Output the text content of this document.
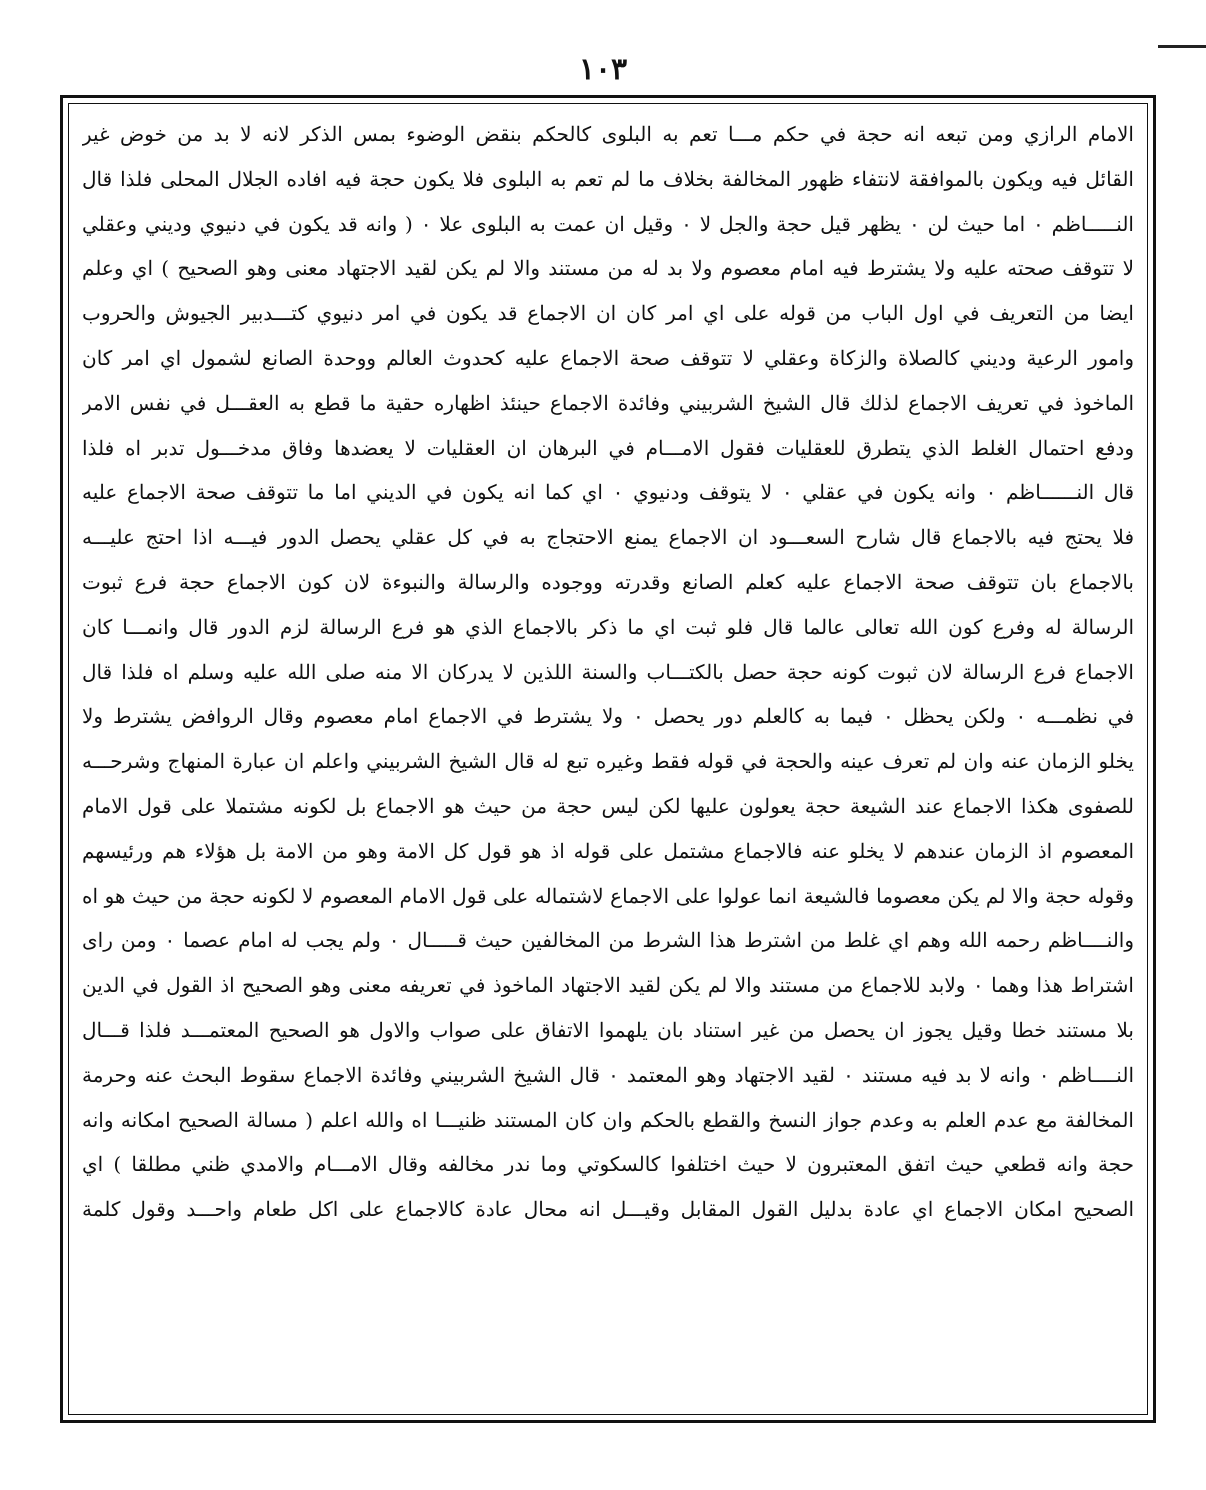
١٠٣
الامام الرازي ومن تبعه انه حجة في حكم مـــا تعم به البلوى كالحكم بنقض الوضوء بمس الذكر لانه لا بد من خوض غير
القائل فيه ويكون بالموافقة لانتفاء ظهور المخالفة بخلاف ما لم تعم به البلوى فلا يكون حجة فيه افاده الجلال المحلى فلذا قال
النـــــاظم ٠ اما حيث لن ٠ يظهر قيل حجة والجل لا ٠ وقيل ان عمت به البلوى علا ٠ ( وانه قد يكون في دنيوي وديني وعقلي
لا تتوقف صحته عليه ولا يشترط فيه امام معصوم ولا بد له من مستند والا لم يكن لقيد الاجتهاد معنى وهو الصحيح ) اي وعلم
ايضا من التعريف في اول الباب من قوله على اي امر كان ان الاجماع قد يكون في امر دنيوي كتـــدبير الجيوش والحروب
وامور الرعية وديني كالصلاة والزكاة وعقلي لا تتوقف صحة الاجماع عليه كحدوث العالم ووحدة الصانع لشمول اي امر كان
الماخوذ في تعريف الاجماع لذلك قال الشيخ الشربيني وفائدة الاجماع حينئذ اظهاره حقية ما قطع به العقـــل في نفس الامر
ودفع احتمال الغلط الذي يتطرق للعقليات فقول الامـــام في البرهان ان العقليات لا يعضدها وفاق مدخـــول تدبر اه فلذا
قال النــــــاظم ٠ وانه يكون في عقلي ٠ لا يتوقف ودنيوي ٠ اي كما انه يكون في الديني اما ما تتوقف صحة الاجماع عليه
فلا يحتج فيه بالاجماع قال شارح السعـــود ان الاجماع يمنع الاحتجاج به في كل عقلي يحصل الدور فيـــه اذا احتج عليـــه
بالاجماع بان تتوقف صحة الاجماع عليه كعلم الصانع وقدرته ووجوده والرسالة والنبوءة لان كون الاجماع حجة فرع ثبوت
الرسالة له وفرع كون الله تعالى عالما قال فلو ثبت اي ما ذكر بالاجماع الذي هو فرع الرسالة لزم الدور قال وانمـــا كان
الاجماع فرع الرسالة لان ثبوت كونه حجة حصل بالكتـــاب والسنة اللذين لا يدركان الا منه صلى الله عليه وسلم اه فلذا قال
في نظمـــه ٠ ولكن يحظل ٠ فيما به كالعلم دور يحصل ٠ ولا يشترط في الاجماع امام معصوم وقال الروافض يشترط ولا
يخلو الزمان عنه وان لم تعرف عينه والحجة في قوله فقط وغيره تبع له قال الشيخ الشربيني واعلم ان عبارة المنهاج وشرحـــه
للصفوى هكذا الاجماع عند الشيعة حجة يعولون عليها لكن ليس حجة من حيث هو الاجماع بل لكونه مشتملا على قول الامام
المعصوم اذ الزمان عندهم لا يخلو عنه فالاجماع مشتمل على قوله اذ هو قول كل الامة وهو من الامة بل هؤلاء هم ورئيسهم
وقوله حجة والا لم يكن معصوما فالشيعة انما عولوا على الاجماع لاشتماله على قول الامام المعصوم لا لكونه حجة من حيث هو اه
والنــــاظم رحمه الله وهم اي غلط من اشترط هذا الشرط من المخالفين حيث قـــــال ٠ ولم يجب له امام عصما ٠ ومن راى
اشتراط هذا وهما ٠ ولابد للاجماع من مستند والا لم يكن لقيد الاجتهاد الماخوذ في تعريفه معنى وهو الصحيح اذ القول في الدين
بلا مستند خطا وقيل يجوز ان يحصل من غير استناد بان يلهموا الاتفاق على صواب والاول هو الصحيح المعتمـــد فلذا قـــال
النــــاظم ٠ وانه لا بد فيه مستند ٠ لقيد الاجتهاد وهو المعتمد ٠ قال الشيخ الشربيني وفائدة الاجماع سقوط البحث عنه وحرمة
المخالفة مع عدم العلم به وعدم جواز النسخ والقطع بالحكم وان كان المستند ظنيـــا اه والله اعلم ( مسالة الصحيح امكانه وانه
حجة وانه قطعي حيث اتفق المعتبرون لا حيث اختلفوا كالسكوتي وما ندر مخالفه وقال الامـــام والامدي ظني مطلقا ) اي
الصحيح امكان الاجماع اي عادة بدليل القول المقابل وقيـــل انه محال عادة كالاجماع على اكل طعام واحـــد وقول كلمة
